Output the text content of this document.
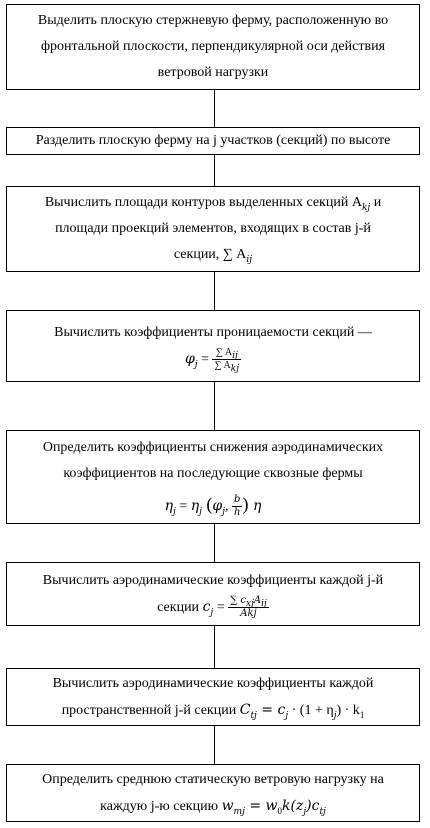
Выделить плоскую стержневую ферму, расположенную во
фронтальной плоскости, перпендикулярной оси действия
ветровой нагрузки
Разделить плоскую ферму на j участков (секций) по высоте
Вычислить площади контуров выделенных секций $A_{kj}$ и
площади проекций элементов, входящих в состав j-й
секции, ∑ $A_{ij}$
Вычислить коэффициенты проницаемости секций —
$\varphi_j = \frac{\sum A_{ij}}{\sum A_{kj}}$
Определить коэффициенты снижения аэродинамических
коэффициентов на последующие сквозные фермы
$\eta_j = \eta_j$ ($\varphi_j$, $\frac{b}{h}$ ) η
Вычислить аэродинамические коэффициенты каждой j-й
секции $c_j = \frac{\sum c_{xj}A_{ij}}{\text{Akj}}$
Вычислить аэродинамические коэффициенты каждой
пространственной j-й секции $C_{tj} = c_j \cdot (1 + \eta_j) \cdot k_1$
Определить среднюю статическую ветровую нагрузку на
каждую j-ю секцию $w_{mj} = w_0k(z_j)c_{tj}$
